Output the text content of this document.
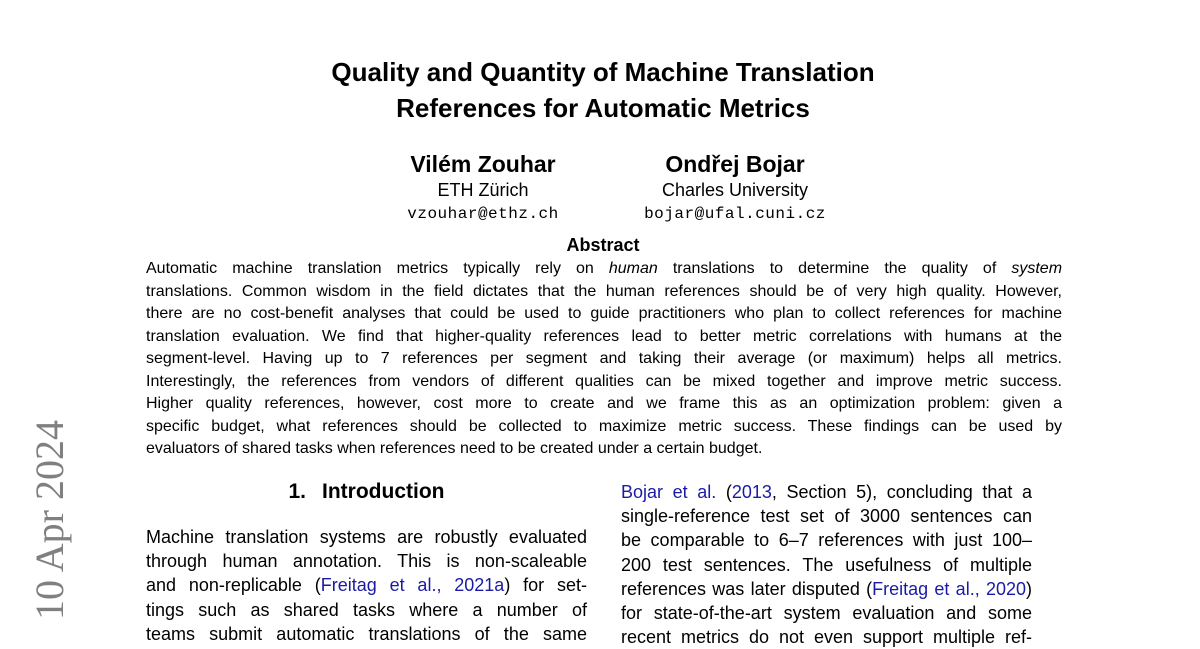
10 Apr 2024
Quality and Quantity of Machine Translation
References for Automatic Metrics
Vilém Zouhar
ETH Zürich
vzouhar@ethz.ch
Ondřej Bojar
Charles University
bojar@ufal.cuni.cz
Abstract
Automatic machine translation metrics typically rely on human translations to determine the quality of system
translations. Common wisdom in the field dictates that the human references should be of very high quality. However,
there are no cost-benefit analyses that could be used to guide practitioners who plan to collect references for machine
translation evaluation. We find that higher-quality references lead to better metric correlations with humans at the
segment-level. Having up to 7 references per segment and taking their average (or maximum) helps all metrics.
Interestingly, the references from vendors of different qualities can be mixed together and improve metric success.
Higher quality references, however, cost more to create and we frame this as an optimization problem: given a
specific budget, what references should be collected to maximize metric success. These findings can be used by
evaluators of shared tasks when references need to be created under a certain budget.
1. Introduction
Machine translation systems are robustly evaluated
through human annotation. This is non-scaleable
and non-replicable (Freitag et al., 2021a) for set-
tings such as shared tasks where a number of
teams submit automatic translations of the same
Bojar et al. (2013, Section 5), concluding that a
single-reference test set of 3000 sentences can
be comparable to 6–7 references with just 100–
200 test sentences. The usefulness of multiple
references was later disputed (Freitag et al., 2020)
for state-of-the-art system evaluation and some
recent metrics do not even support multiple ref-
